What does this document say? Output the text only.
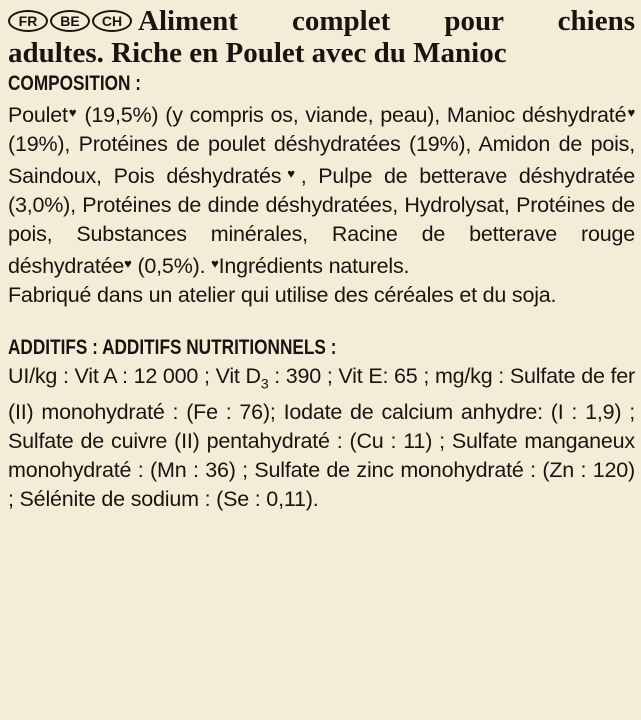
FR	BE	CH Aliment complet pour chiens
adultes. Riche en Poulet avec du Manioc
COMPOSITION :
Poulet♥ (19,5%) (y compris os, viande, peau), Manioc déshydraté♥ (19%), Protéines de poulet déshydratées (19%), Amidon de pois, Saindoux, Pois déshydratés♥, Pulpe de betterave déshydratée (3,0%), Protéines de dinde déshydratées, Hydrolysat, Protéines de pois, Substances minérales, Racine de betterave rouge déshydratée♥ (0,5%). ♥Ingrédients naturels.
Fabriqué dans un atelier qui utilise des céréales et du soja.
ADDITIFS : ADDITIFS NUTRITIONNELS :
UI/kg : Vit A : 12 000 ; Vit $D_3$ : 390 ; Vit E: 65 ; mg/kg : Sulfate de fer (II) monohydraté : (Fe : 76); Iodate de calcium anhydre: (I : 1,9) ; Sulfate de cuivre (II) pentahydraté : (Cu : 11) ; Sulfate manganeux monohydraté : (Mn : 36) ; Sulfate de zinc monohydraté : (Zn : 120) ; Sélénite de sodium : (Se : 0,11).
